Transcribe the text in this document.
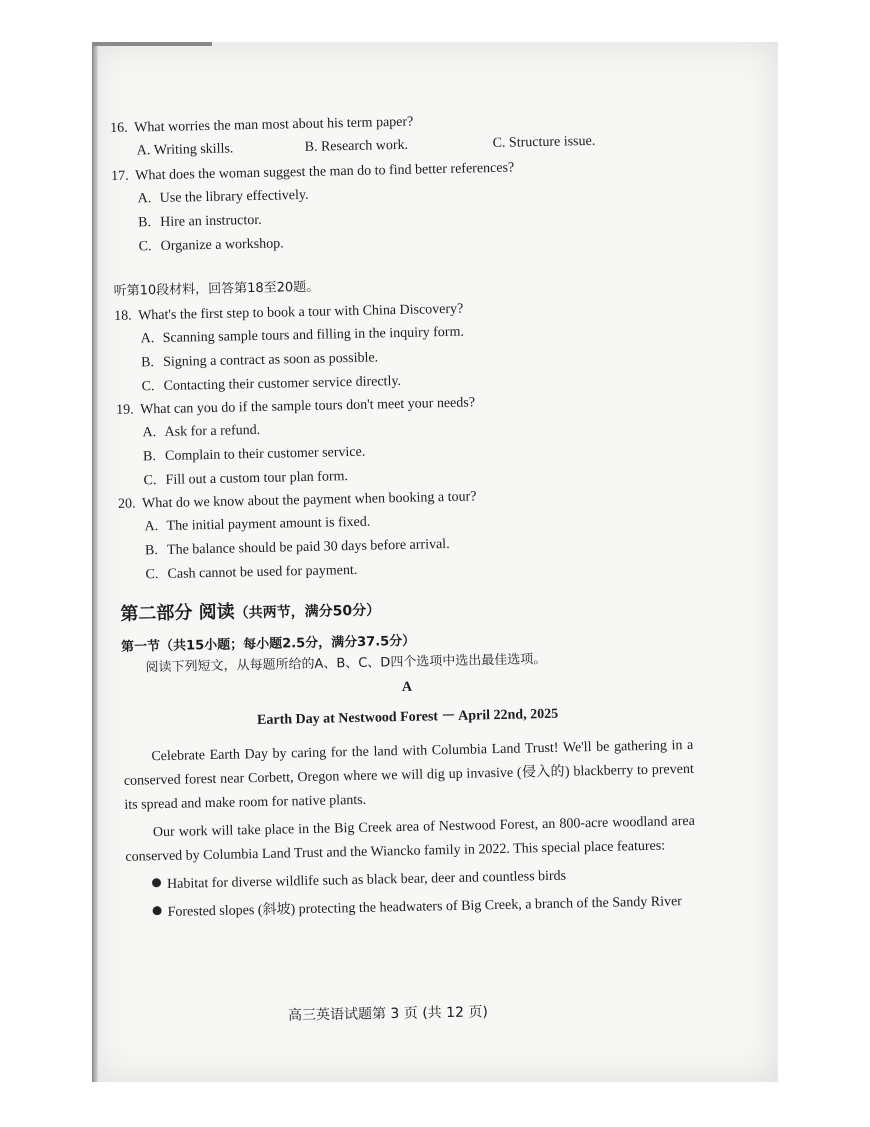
16. What worries the man most about his term paper?

A. Writing skills.	B. Research work.	C. Structure issue.

17. What does the woman suggest the man do to find better references?

A. Use the library effectively.

B. Hire an instructor.

C. Organize a workshop.

听第10段材料，回答第18至20题。

18. What's the first step to book a tour with China Discovery?

A. Scanning sample tours and filling in the inquiry form.

B. Signing a contract as soon as possible.

C. Contacting their customer service directly.

19. What can you do if the sample tours don't meet your needs?

A. Ask for a refund.

B. Complain to their customer service.

C. Fill out a custom tour plan form.

20. What do we know about the payment when booking a tour?

A. The initial payment amount is fixed.

B. The balance should be paid 30 days before arrival.

C. Cash cannot be used for payment.

第二部分 阅读（共两节，满分50分）
第一节（共15小题；每小题2.5分，满分37.5分）
阅读下列短文，从每题所给的A、B、C、D四个选项中选出最佳选项。
A
Earth Day at Nestwood Forest － April 22nd, 2025

Celebrate Earth Day by caring for the land with Columbia Land Trust! We'll be gathering in a conserved forest near Corbett, Oregon where we will dig up invasive (侵入的) blackberry to prevent its spread and make room for native plants.

Our work will take place in the Big Creek area of Nestwood Forest, an 800-acre woodland area conserved by Columbia Land Trust and the Wiancko family in 2022. This special place features:

Habitat for diverse wildlife such as black bear, deer and countless birds

Forested slopes (斜坡) protecting the headwaters of Big Creek, a branch of the Sandy River

高三英语试题第 3 页 (共 12 页)
